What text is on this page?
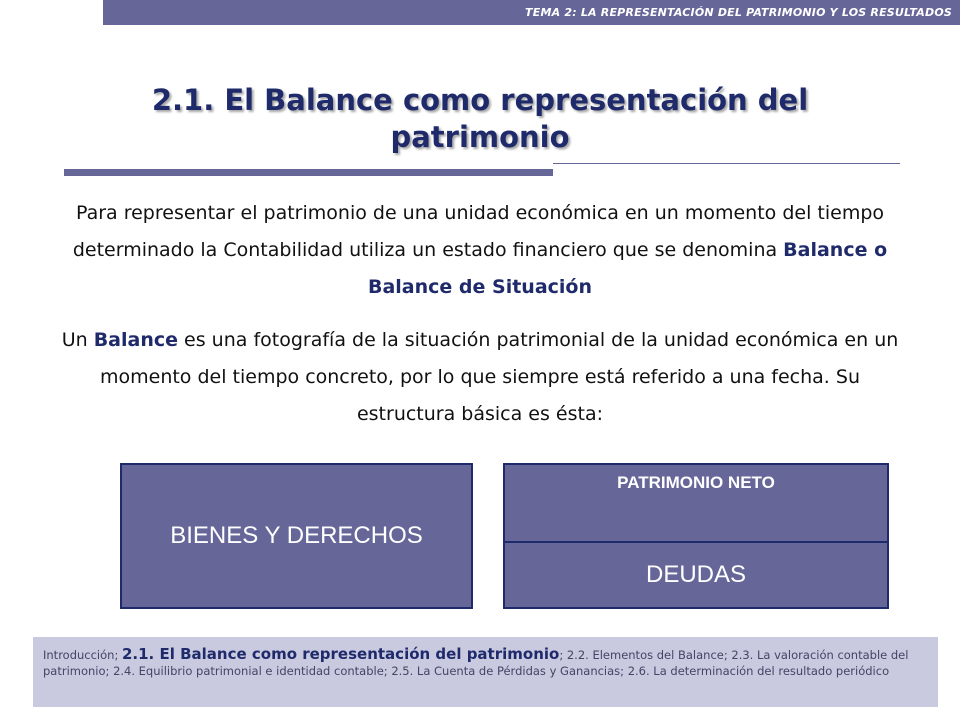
TEMA 2: LA REPRESENTACIÓN DEL PATRIMONIO Y LOS RESULTADOS
2.1. El Balance como representación del
patrimonio
Para representar el patrimonio de una unidad económica en un momento del tiempo determinado la Contabilidad utiliza un estado financiero que se denomina Balance o Balance de Situación
Un Balance es una fotografía de la situación patrimonial de la unidad económica en un momento del tiempo concreto, por lo que siempre está referido a una fecha. Su estructura básica es ésta:
BIENES Y DERECHOS
PATRIMONIO NETO
DEUDAS
Introducción; 2.1. El Balance como representación del patrimonio; 2.2. Elementos del Balance; 2.3. La valoración contable del patrimonio; 2.4. Equilibrio patrimonial e identidad contable; 2.5. La Cuenta de Pérdidas y Ganancias; 2.6. La determinación del resultado periódico
